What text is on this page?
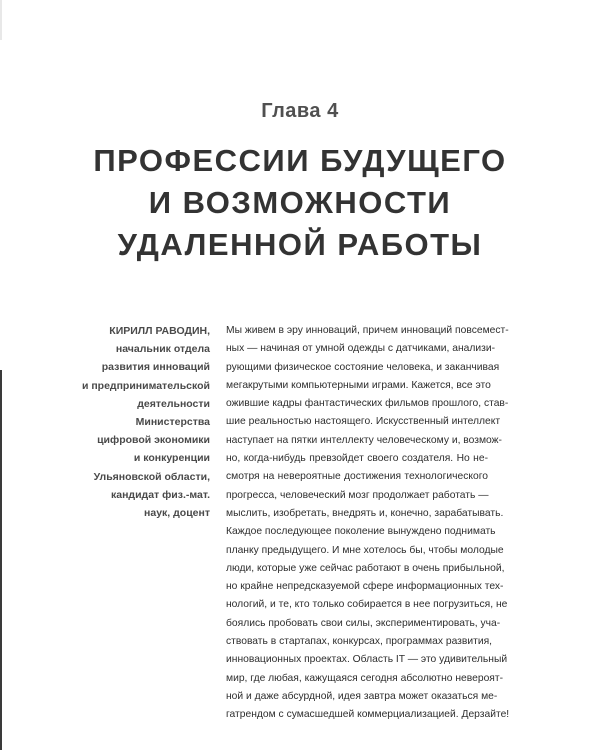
Глава 4
ПРОФЕССИИ БУДУЩЕГО
И ВОЗМОЖНОСТИ
УДАЛЕННОЙ РАБОТЫ
КИРИЛЛ РАВОДИН,
начальник отдела
развития инноваций
и предпринимательской
деятельности
Министерства
цифровой экономики
и конкуренции
Ульяновской области,
кандидат физ.-мат.
наук, доцент
Мы живем в эру инноваций, причем инноваций повсемест-
ных — начиная от умной одежды с датчиками, анализи-
рующими физическое состояние человека, и заканчивая
мегакрутыми компьютерными играми. Кажется, все это
ожившие кадры фантастических фильмов прошлого, став-
шие реальностью настоящего. Искусственный интеллект
наступает на пятки интеллекту человеческому и, возмож-
но, когда-нибудь превзойдет своего создателя. Но не-
смотря на невероятные достижения технологического
прогресса, человеческий мозг продолжает работать —
мыслить, изобретать, внедрять и, конечно, зарабатывать.
Каждое последующее поколение вынуждено поднимать
планку предыдущего. И мне хотелось бы, чтобы молодые
люди, которые уже сейчас работают в очень прибыльной,
но крайне непредсказуемой сфере информационных тех-
нологий, и те, кто только собирается в нее погрузиться, не
боялись пробовать свои силы, экспериментировать, уча-
ствовать в стартапах, конкурсах, программах развития,
инновационных проектах. Область IT — это удивительный
мир, где любая, кажущаяся сегодня абсолютно невероят-
ной и даже абсурдной, идея завтра может оказаться ме-
гатрендом с сумасшедшей коммерциализацией. Дерзайте!
